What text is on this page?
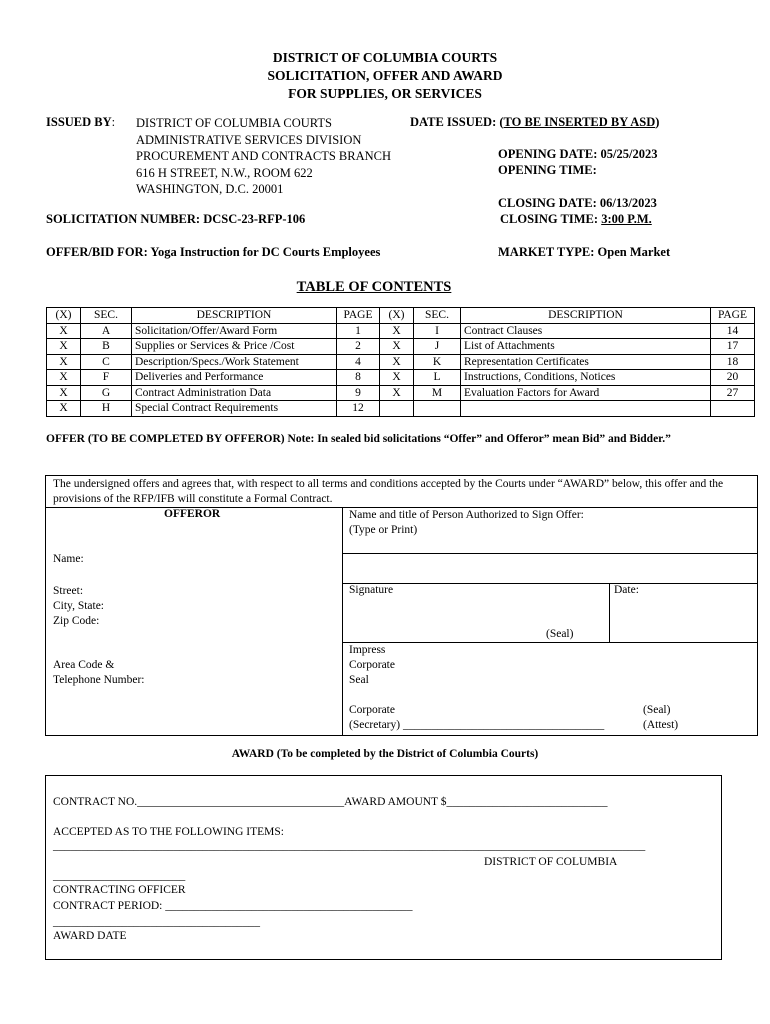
DISTRICT OF COLUMBIA COURTS
SOLICITATION, OFFER AND AWARD
FOR SUPPLIES, OR SERVICES
ISSUED BY: DISTRICT OF COLUMBIA COURTS
ADMINISTRATIVE SERVICES DIVISION
PROCUREMENT AND CONTRACTS BRANCH
616 H STREET, N.W., ROOM 622
WASHINGTON, D.C. 20001
DATE ISSUED: (TO BE INSERTED BY ASD)
OPENING DATE: 05/25/2023
OPENING TIME:
CLOSING DATE: 06/13/2023
CLOSING TIME: 3:00 P.M.
SOLICITATION NUMBER: DCSC-23-RFP-106
OFFER/BID FOR: Yoga Instruction for DC Courts Employees	MARKET TYPE: Open Market
TABLE OF CONTENTS
(X)	SEC.	DESCRIPTION	PAGE	(X)	SEC.	DESCRIPTION	PAGE
X	A	Solicitation/Offer/Award Form	1	X	I	Contract Clauses	14
X	B	Supplies or Services & Price /Cost	2	X	J	List of Attachments	17
X	C	Description/Specs./Work Statement	4	X	K	Representation Certificates	18
X	F	Deliveries and Performance	8	X	L	Instructions, Conditions, Notices	20
X	G	Contract Administration Data	9	X	M	Evaluation Factors for Award	27
X	H	Special Contract Requirements	12				
OFFER (TO BE COMPLETED BY OFFEROR) Note: In sealed bid solicitations “Offer” and Offeror” mean Bid” and Bidder.”
The undersigned offers and agrees that, with respect to all terms and conditions accepted by the Courts under “AWARD” below, this offer and the provisions of the RFP/IFB will constitute a Formal Contract.
OFFEROR	Name and title of Person Authorized to Sign Offer:
(Type or Print)
Name:
Street:
City, State:
Zip Code:
Signature	Date:
(Seal)
Area Code &
Telephone Number:
Impress
Corporate
Seal
Corporate	(Seal)
(Secretary) ___________________________________	(Attest)
AWARD (To be completed by the District of Columbia Courts)
CONTRACT NO.____________________________________AWARD AMOUNT $____________________________
ACCEPTED AS TO THE FOLLOWING ITEMS:
_______________________________________________________________________________________________________
DISTRICT OF COLUMBIA
_______________________
CONTRACTING OFFICER
CONTRACT PERIOD: ___________________________________________
____________________________________
AWARD DATE
